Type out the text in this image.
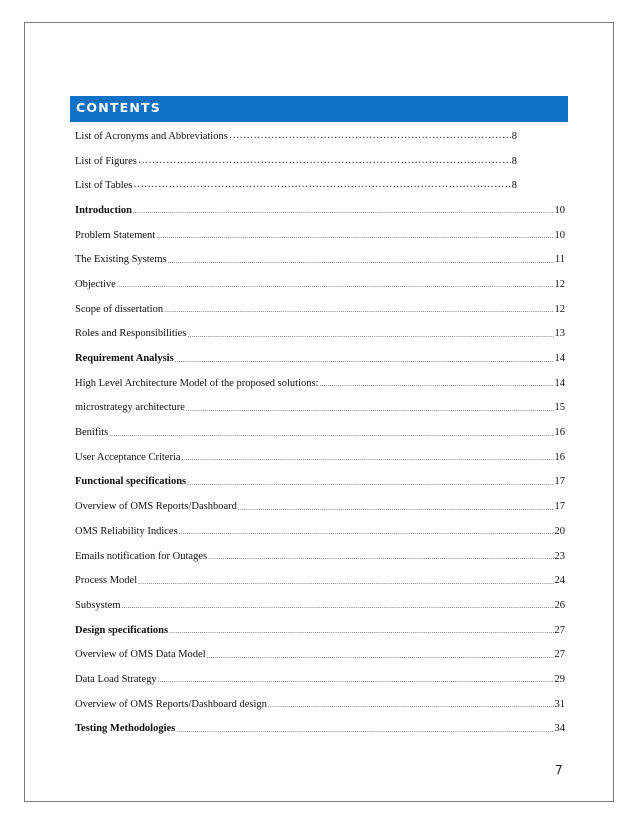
CONTENTS
List of Acronyms and Abbreviations …………………………………………………………………………………………………………………………………………………………	8
List of Figures …………………………………………………………………………………………………………………………………………………………	8
List of Tables …………………………………………………………………………………………………………………………………………………………	8
Introduction .....	10
Problem Statement .....	10
The Existing Systems .....	11
Objective .....	12
Scope of dissertation .....	12
Roles and Responsibilities .....	13
Requirement Analysis .....	14
High Level Architecture Model of the proposed solutions: .....	14
microstrategy architecture .....	15
Benifits .....	16
User Acceptance Criteria .....	16
Functional specifications .....	17
Overview of OMS Reports/Dashboard .....	17
OMS Reliability Indices .....	20
Emails notification for Outages .....	23
Process Model .....	24
Subsystem .....	26
Design specifications .....	27
Overview of OMS Data Model .....	27
Data Load Strategy .....	29
Overview of OMS Reports/Dashboard design .....	31
Testing Methodologies .....	34
7
